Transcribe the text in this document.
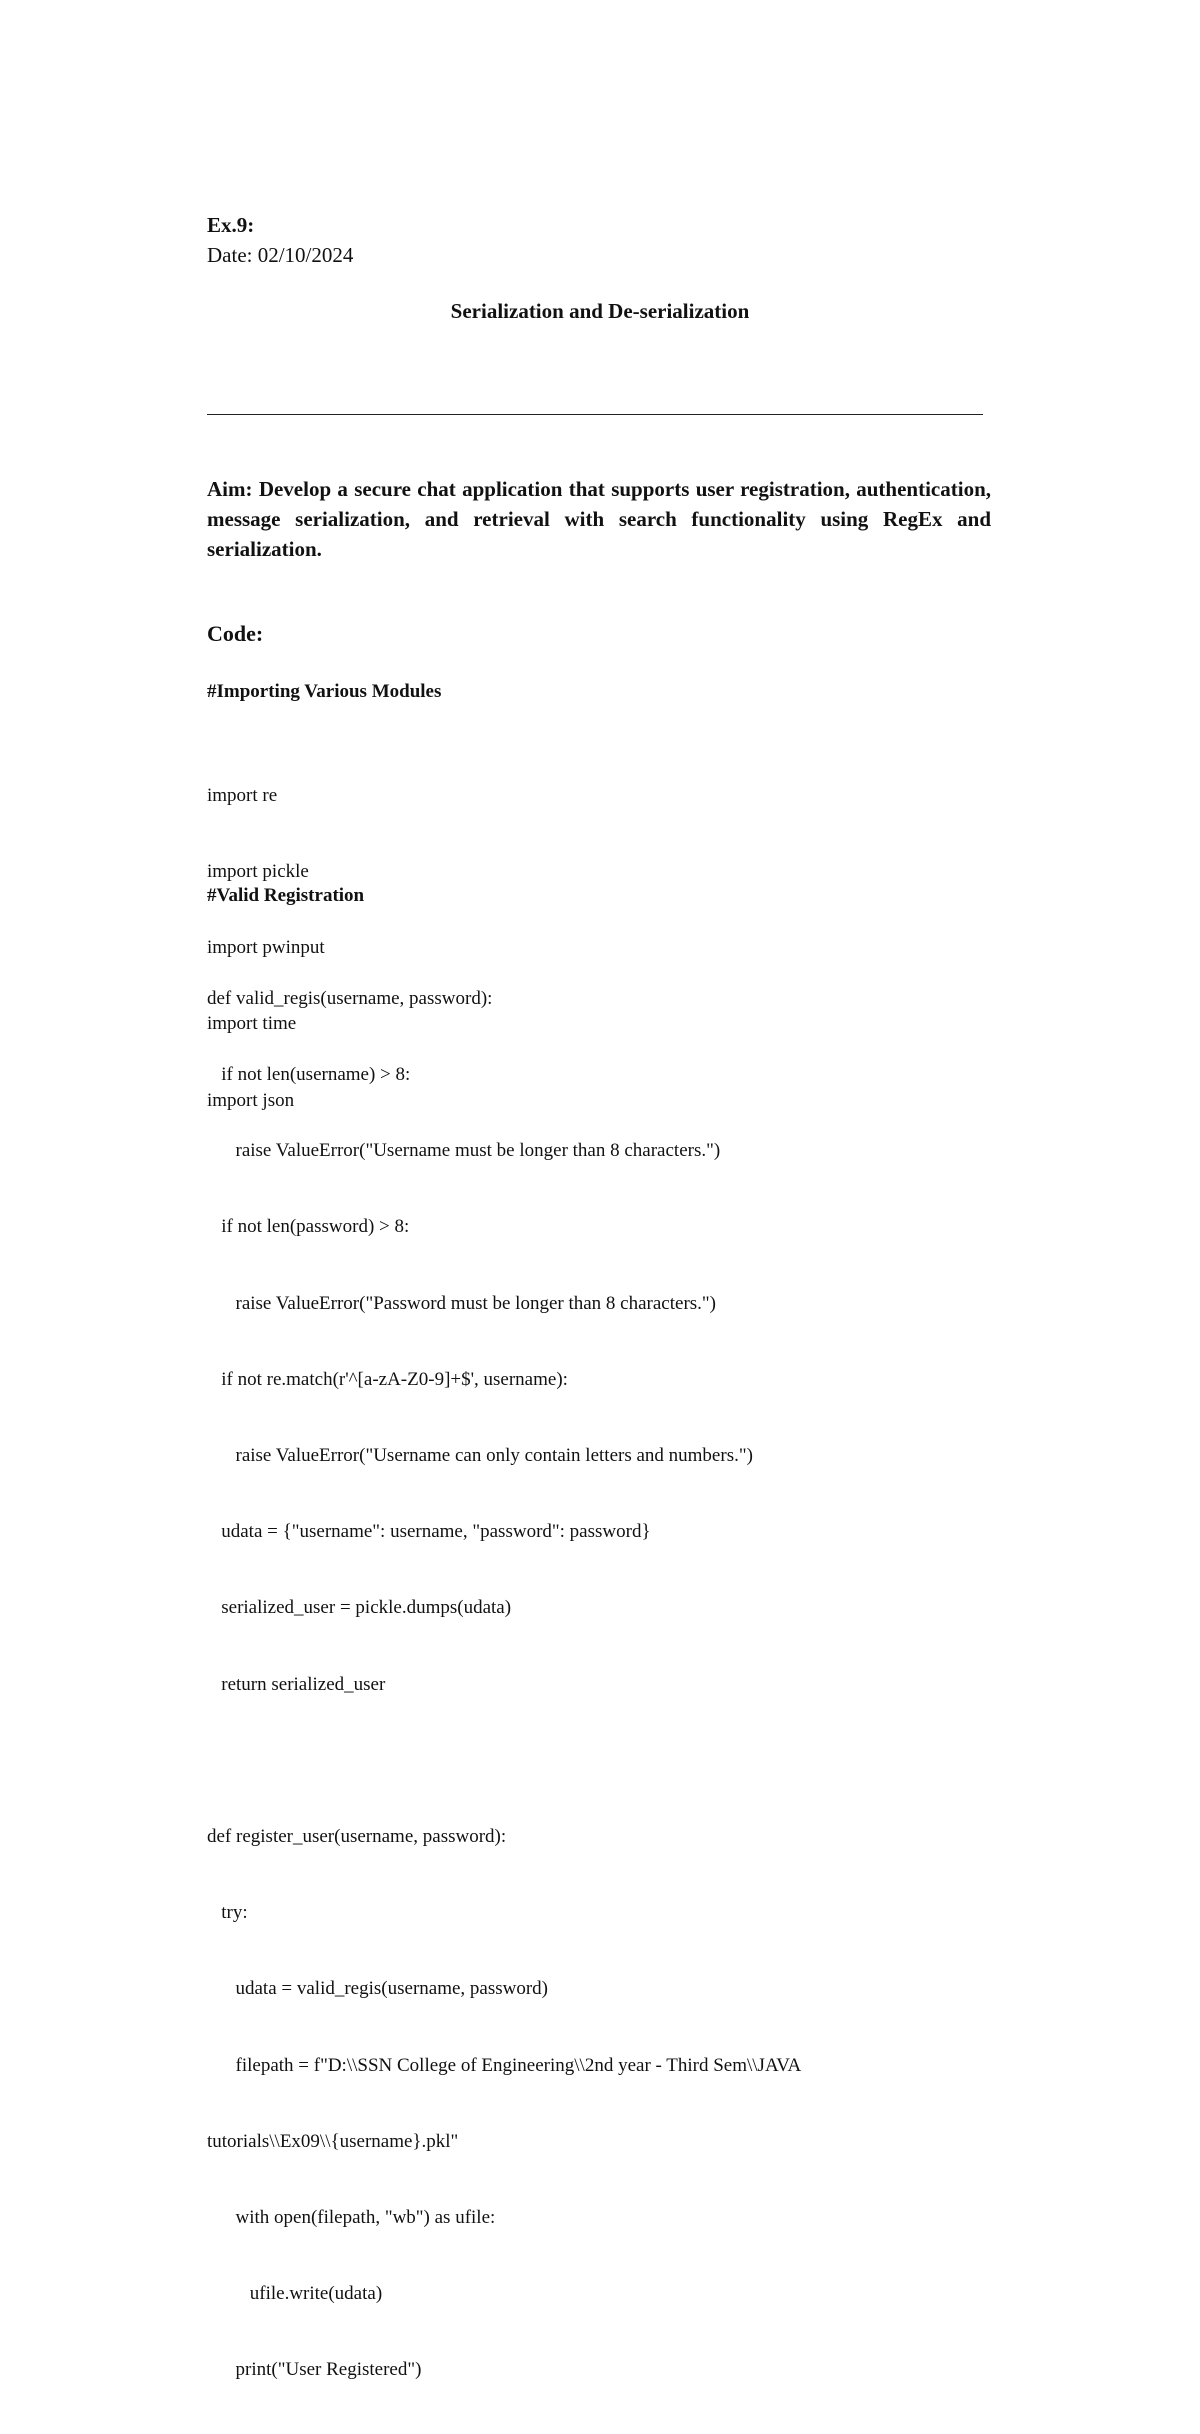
Ex.9:
Date: 02/10/2024
Serialization and De-serialization
Aim: Develop a secure chat application that supports user registration, authentication, message serialization, and retrieval with search functionality using RegEx and serialization.
Code:
#Importing Various Modules

import re

import pickle

import pwinput

import time

import json

#Valid Registration

def valid_regis(username, password):

if not len(username) > 8:

raise ValueError("Username must be longer than 8 characters.")

if not len(password) > 8:

raise ValueError("Password must be longer than 8 characters.")

if not re.match(r'^[a-zA-Z0-9]+$', username):

raise ValueError("Username can only contain letters and numbers.")

udata = {"username": username, "password": password}

serialized_user = pickle.dumps(udata)

return serialized_user

def register_user(username, password):

try:

udata = valid_regis(username, password)

filepath = f"D:\\SSN College of Engineering\\2nd year - Third Sem\\JAVA

tutorials\\Ex09\\{username}.pkl"

with open(filepath, "wb") as ufile:

ufile.write(udata)

print("User Registered")
